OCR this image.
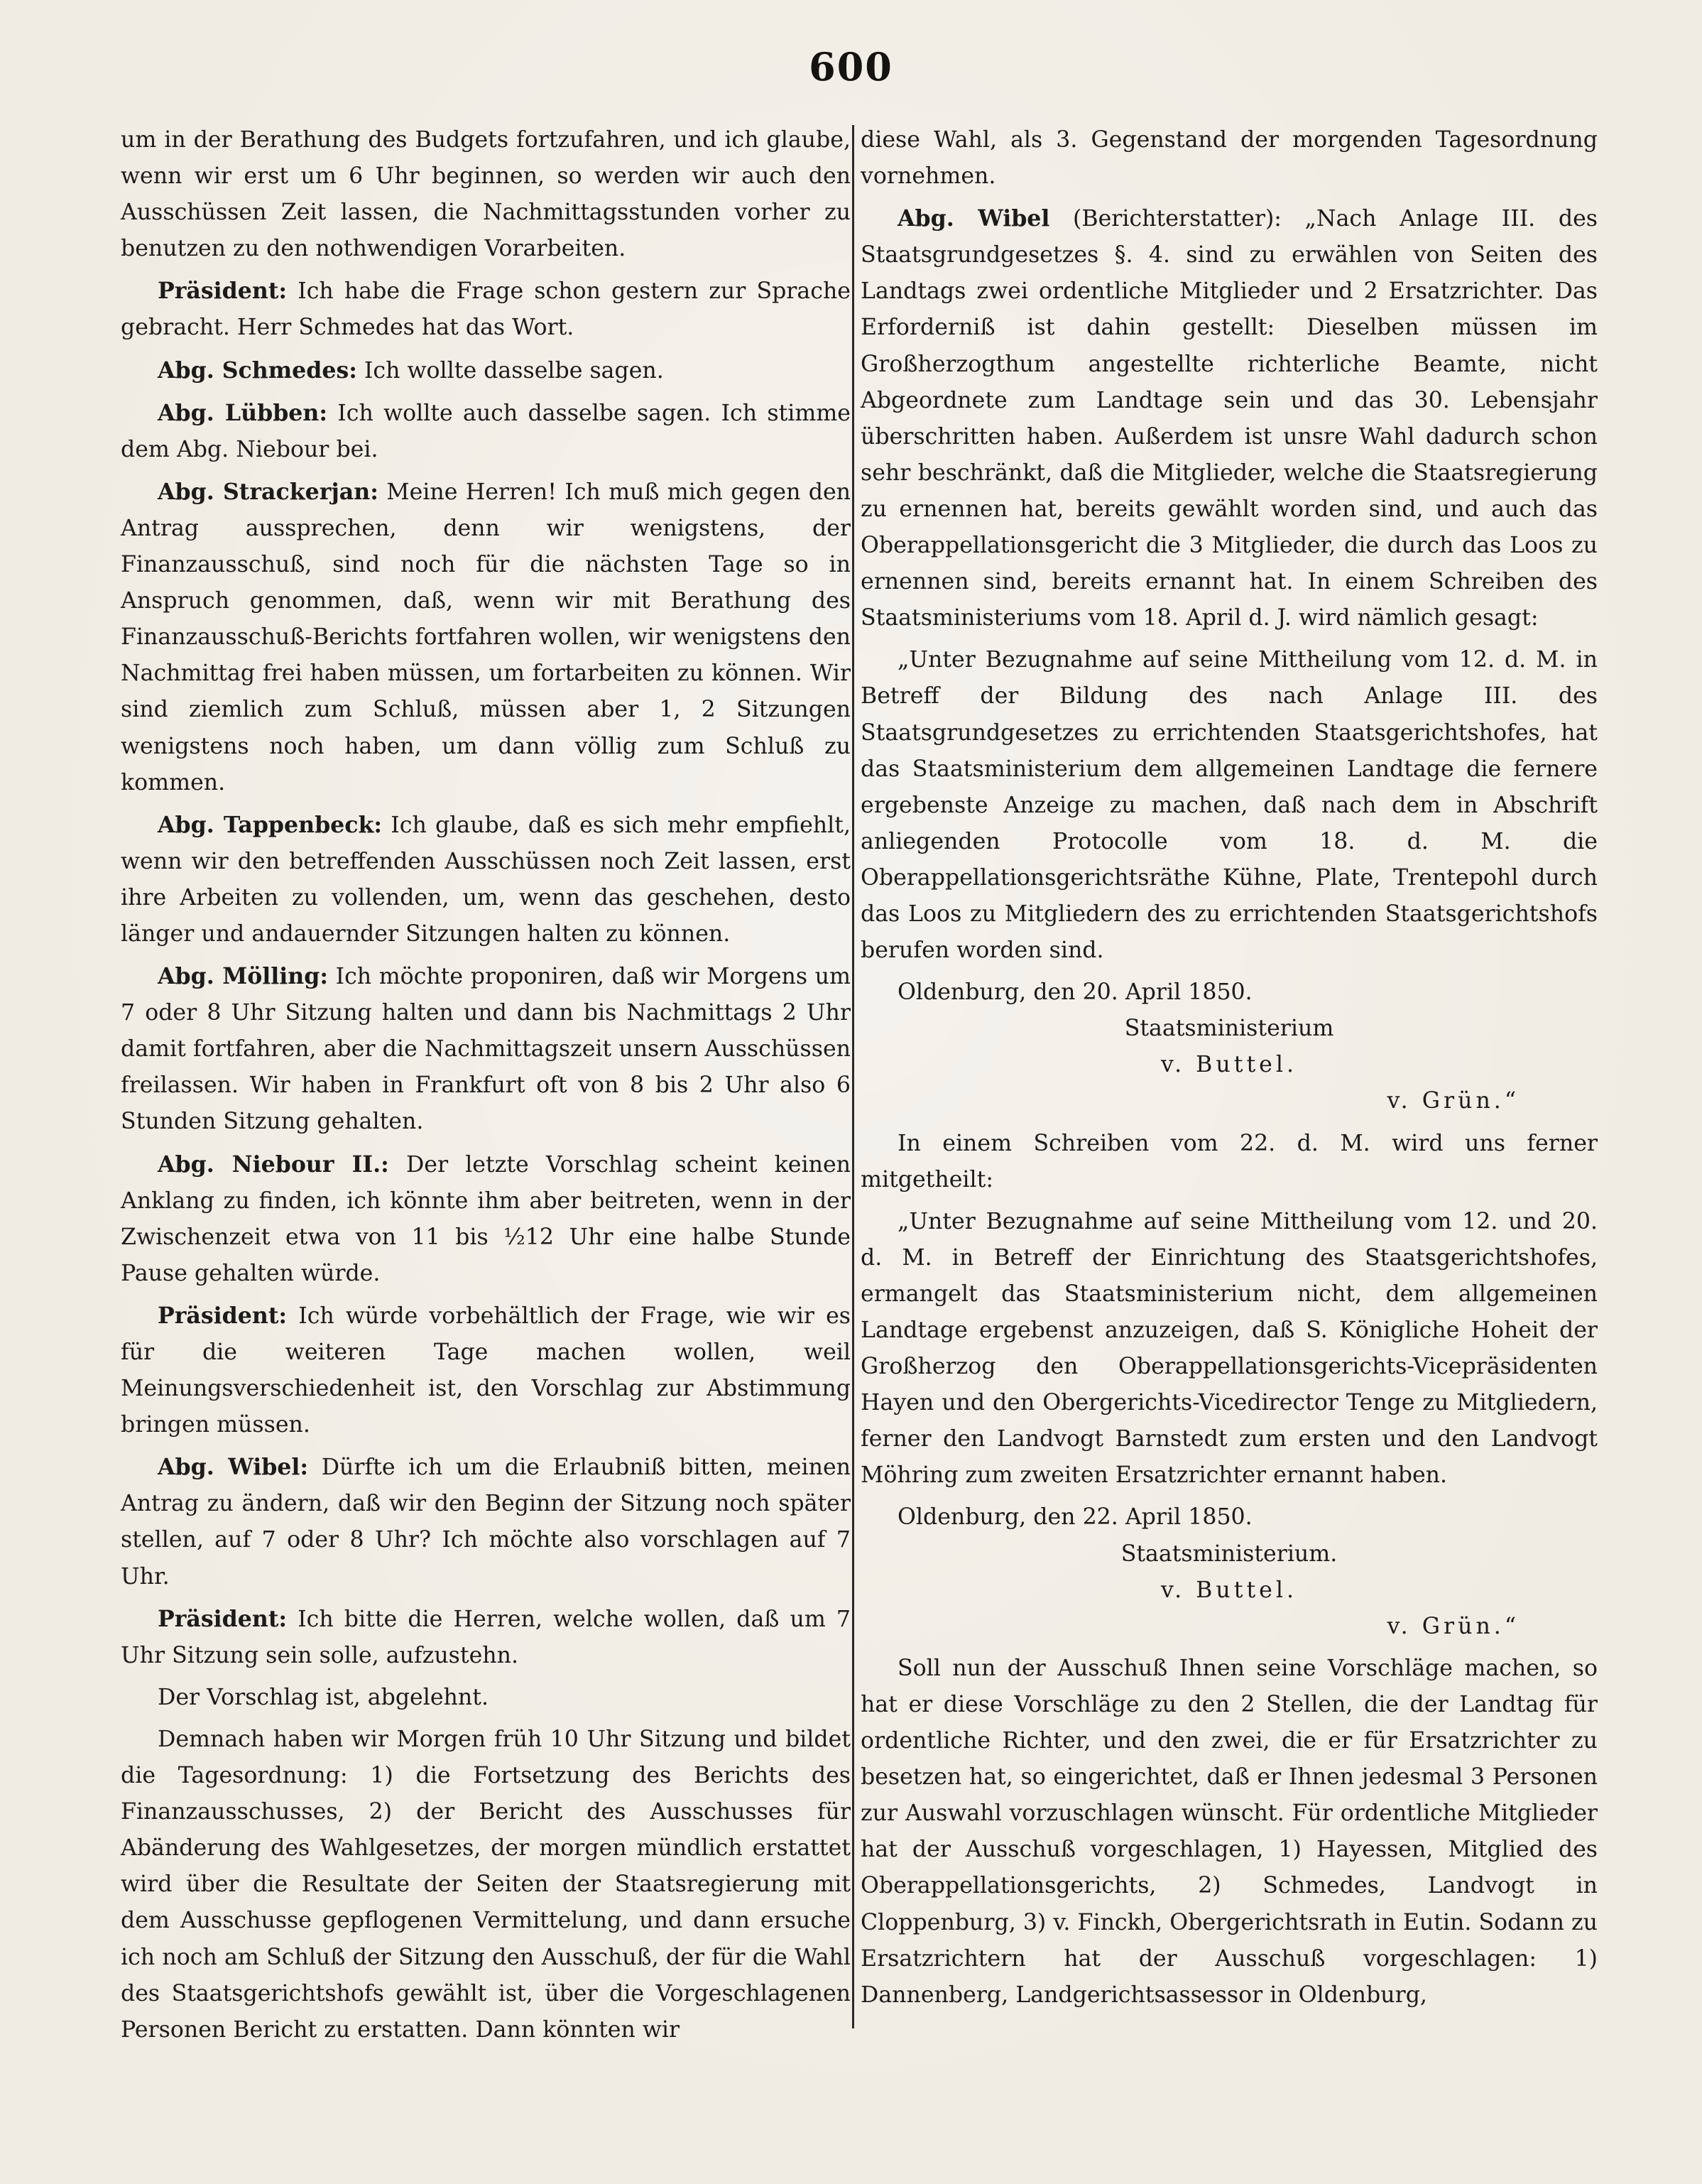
600

um in der Berathung des Budgets fortzufahren, und ich glaube, wenn wir erst um 6 Uhr beginnen, so werden wir auch den Ausschüssen Zeit lassen, die Nachmittagsstunden vorher zu benutzen zu den nothwendigen Vorarbeiten.

Präsident: Ich habe die Frage schon gestern zur Sprache gebracht. Herr Schmedes hat das Wort.

Abg. Schmedes: Ich wollte dasselbe sagen.

Abg. Lübben: Ich wollte auch dasselbe sagen. Ich stimme dem Abg. Niebour bei.

Abg. Strackerjan: Meine Herren! Ich muß mich gegen den Antrag aussprechen, denn wir wenigstens, der Finanzausschuß, sind noch für die nächsten Tage so in Anspruch genommen, daß, wenn wir mit Berathung des Finanzausschuß-Berichts fortfahren wollen, wir wenigstens den Nachmittag frei haben müssen, um fortarbeiten zu können. Wir sind ziemlich zum Schluß, müssen aber 1, 2 Sitzungen wenigstens noch haben, um dann völlig zum Schluß zu kommen.

Abg. Tappenbeck: Ich glaube, daß es sich mehr empfiehlt, wenn wir den betreffenden Ausschüssen noch Zeit lassen, erst ihre Arbeiten zu vollenden, um, wenn das geschehen, desto länger und andauernder Sitzungen halten zu können.

Abg. Mölling: Ich möchte proponiren, daß wir Morgens um 7 oder 8 Uhr Sitzung halten und dann bis Nachmittags 2 Uhr damit fortfahren, aber die Nachmittagszeit unsern Ausschüssen freilassen. Wir haben in Frankfurt oft von 8 bis 2 Uhr also 6 Stunden Sitzung gehalten.

Abg. Niebour II.: Der letzte Vorschlag scheint keinen Anklang zu finden, ich könnte ihm aber beitreten, wenn in der Zwischenzeit etwa von 11 bis ½12 Uhr eine halbe Stunde Pause gehalten würde.

Präsident: Ich würde vorbehältlich der Frage, wie wir es für die weiteren Tage machen wollen, weil Meinungsverschiedenheit ist, den Vorschlag zur Abstimmung bringen müssen.

Abg. Wibel: Dürfte ich um die Erlaubniß bitten, meinen Antrag zu ändern, daß wir den Beginn der Sitzung noch später stellen, auf 7 oder 8 Uhr? Ich möchte also vorschlagen auf 7 Uhr.

Präsident: Ich bitte die Herren, welche wollen, daß um 7 Uhr Sitzung sein solle, aufzustehn.

Der Vorschlag ist, abgelehnt.

Demnach haben wir Morgen früh 10 Uhr Sitzung und bildet die Tagesordnung: 1) die Fortsetzung des Berichts des Finanzausschusses, 2) der Bericht des Ausschusses für Abänderung des Wahlgesetzes, der morgen mündlich erstattet wird über die Resultate der Seiten der Staatsregierung mit dem Ausschusse gepflogenen Vermittelung, und dann ersuche ich noch am Schluß der Sitzung den Ausschuß, der für die Wahl des Staatsgerichtshofs gewählt ist, über die Vorgeschlagenen Personen Bericht zu erstatten. Dann könnten wir

diese Wahl, als 3. Gegenstand der morgenden Tagesordnung vornehmen.

Abg. Wibel (Berichterstatter): „Nach Anlage III. des Staatsgrundgesetzes §. 4. sind zu erwählen von Seiten des Landtags zwei ordentliche Mitglieder und 2 Ersatzrichter. Das Erforderniß ist dahin gestellt: Dieselben müssen im Großherzogthum angestellte richterliche Beamte, nicht Abgeordnete zum Landtage sein und das 30. Lebensjahr überschritten haben. Außerdem ist unsre Wahl dadurch schon sehr beschränkt, daß die Mitglieder, welche die Staatsregierung zu ernennen hat, bereits gewählt worden sind, und auch das Oberappellationsgericht die 3 Mitglieder, die durch das Loos zu ernennen sind, bereits ernannt hat. In einem Schreiben des Staatsministeriums vom 18. April d. J. wird nämlich gesagt:

„Unter Bezugnahme auf seine Mittheilung vom 12. d. M. in Betreff der Bildung des nach Anlage III. des Staatsgrundgesetzes zu errichtenden Staatsgerichtshofes, hat das Staatsministerium dem allgemeinen Landtage die fernere ergebenste Anzeige zu machen, daß nach dem in Abschrift anliegenden Protocolle vom 18. d. M. die Oberappellationsgerichtsräthe Kühne, Plate, Trentepohl durch das Loos zu Mitgliedern des zu errichtenden Staatsgerichtshofs berufen worden sind.

Oldenburg, den 20. April 1850.

Staatsministerium

v. Buttel.

v. Grün.“

In einem Schreiben vom 22. d. M. wird uns ferner mitgetheilt:

„Unter Bezugnahme auf seine Mittheilung vom 12. und 20. d. M. in Betreff der Einrichtung des Staatsgerichtshofes, ermangelt das Staatsministerium nicht, dem allgemeinen Landtage ergebenst anzuzeigen, daß S. Königliche Hoheit der Großherzog den Oberappellationsgerichts-Vicepräsidenten Hayen und den Obergerichts-Vicedirector Tenge zu Mitgliedern, ferner den Landvogt Barnstedt zum ersten und den Landvogt Möhring zum zweiten Ersatzrichter ernannt haben.

Oldenburg, den 22. April 1850.

Staatsministerium.

v. Buttel.

v. Grün.“

Soll nun der Ausschuß Ihnen seine Vorschläge machen, so hat er diese Vorschläge zu den 2 Stellen, die der Landtag für ordentliche Richter, und den zwei, die er für Ersatzrichter zu besetzen hat, so eingerichtet, daß er Ihnen jedesmal 3 Personen zur Auswahl vorzuschlagen wünscht. Für ordentliche Mitglieder hat der Ausschuß vorgeschlagen, 1) Hayessen, Mitglied des Oberappellationsgerichts, 2) Schmedes, Landvogt in Cloppenburg, 3) v. Finckh, Obergerichtsrath in Eutin. Sodann zu Ersatzrichtern hat der Ausschuß vorgeschlagen: 1) Dannenberg, Landgerichtsassessor in Oldenburg,
